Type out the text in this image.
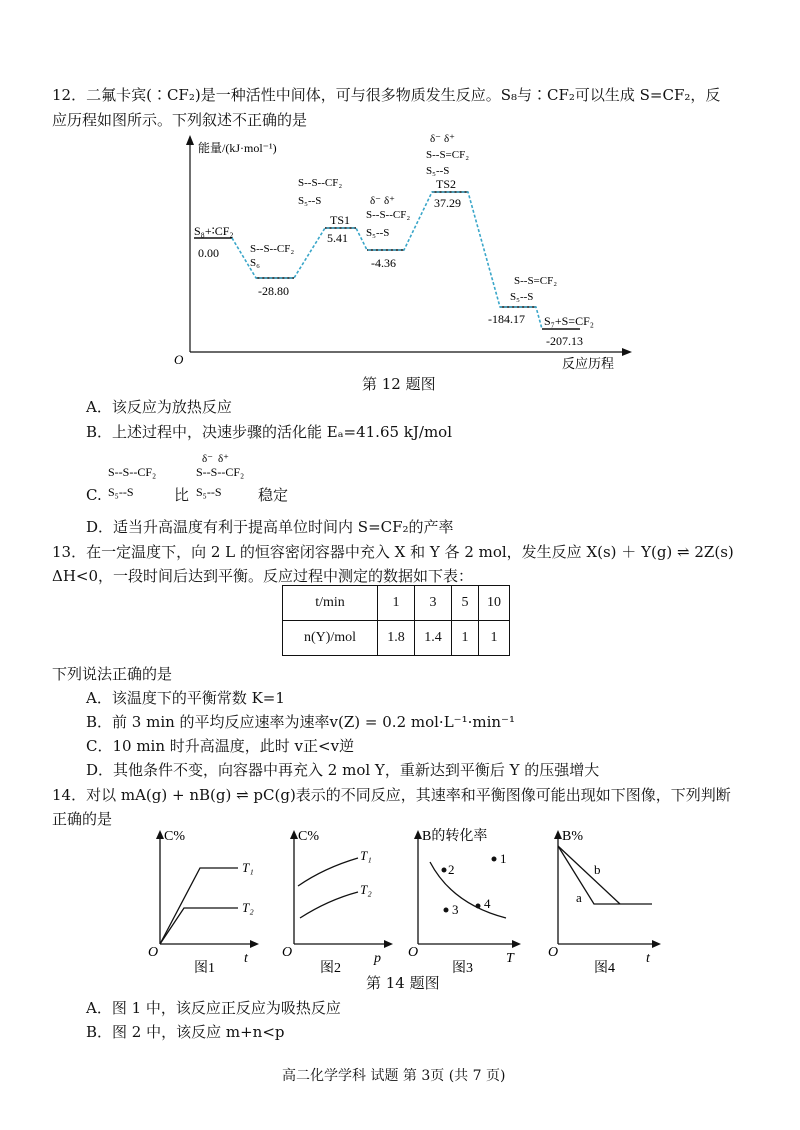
12．二氟卡宾(∶CF₂)是一种活性中间体，可与很多物质发生反应。S₈与∶CF₂可以生成 S=CF₂，反
应历程如图所示。下列叙述不正确的是
能量/(kJ·mol⁻¹)
O	反应历程
0.00
-28.80
5.41
-4.36
37.29
-184.17
-207.13
S₈+∶CF₂
TS1
TS2
S₇+S=CF₂
S--S--CF₂
S₆
S--S--CF₂
S₅--S	δ⁻ δ⁺
S--S--CF₂
S₅--S
δ⁻ δ⁺
S--S=CF₂
S₅--S
S--S=CF₂
S₅--S
第 12 题图
A．该反应为放热反应
B．上述过程中，决速步骤的活化能 Eₐ=41.65 kJ/mol
C.
S--S--CF₂
S₅--S
δ⁻ δ⁺
S--S--CF₂
S₅--S
比	稳定
D．适当升高温度有利于提高单位时间内 S=CF₂的产率
13．在一定温度下，向 2 L 的恒容密闭容器中充入 X 和 Y 各 2 mol，发生反应 X(s) ＋ Y(g) ⇌ 2Z(s)
ΔH<0，一段时间后达到平衡。反应过程中测定的数据如下表：
t/min	1	3	5	10
n(Y)/mol	1.8	1.4	1	1
下列说法正确的是
A．该温度下的平衡常数 K=1
B．前 3 min 的平均反应速率为速率v(Z) = 0.2 mol·L⁻¹·min⁻¹
C．10 min 时升高温度，此时 v正<v逆
D．其他条件不变，向容器中再充入 2 mol Y，重新达到平衡后 Y 的压强增大
14．对以 mA(g) + nB(g) ⇌ pC(g)表示的不同反应，其速率和平衡图像可能出现如下图像，下列判断
正确的是
C%
O	t
T₁
T₂
图1
C%
O	p
T₁
T₂
图2
B的转化率
O	T
2
1
3 4
图3
B%
O	t
a
b
图4
第 14 题图
A．图 1 中，该反应正反应为吸热反应
B．图 2 中，该反应 m+n<p
高二化学学科 试题 第 3页 (共 7 页)
